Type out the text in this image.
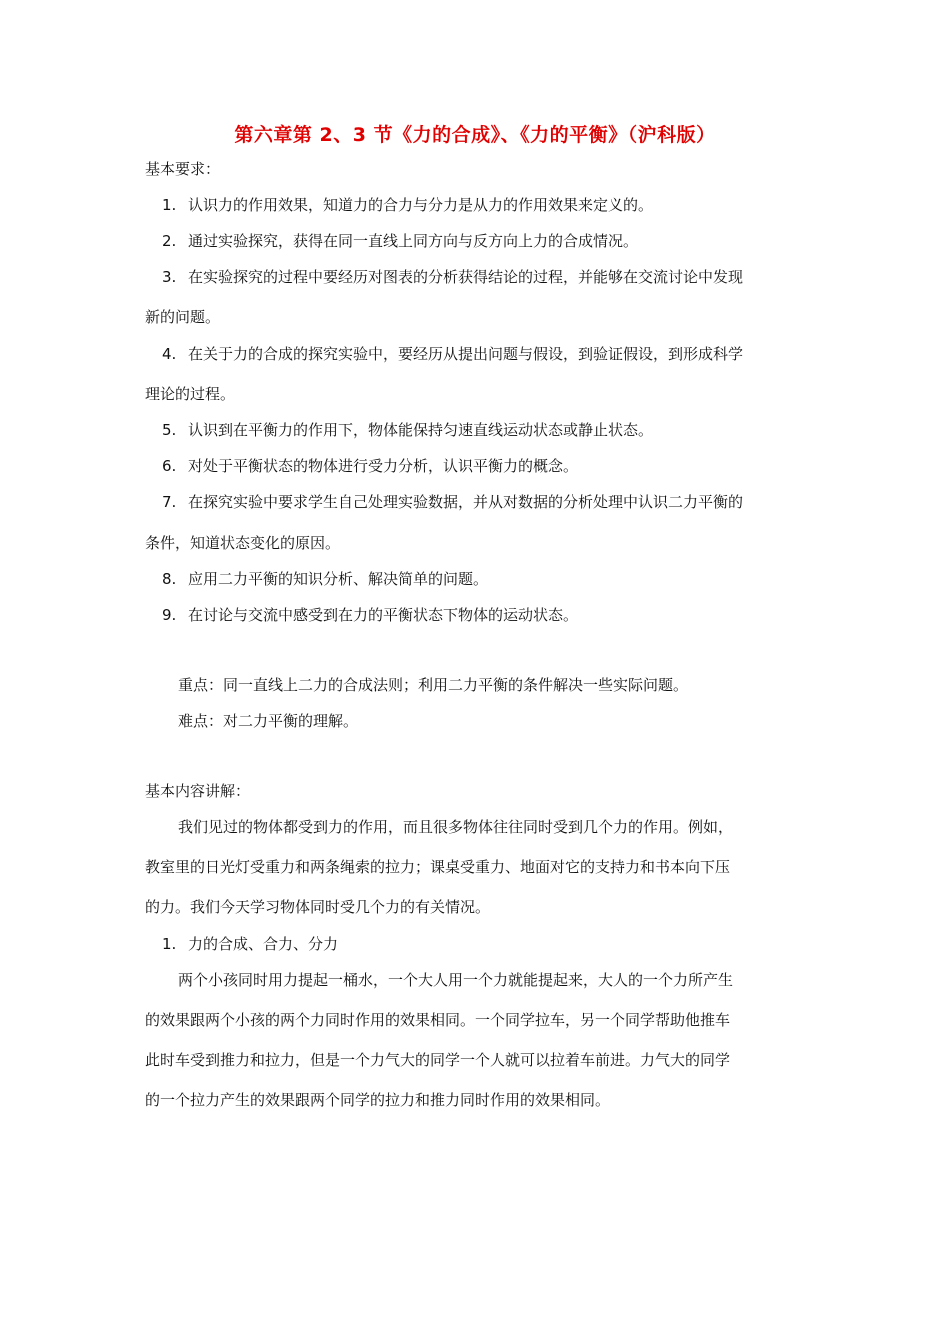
第六章第 2、3 节《力的合成》、《力的平衡》（沪科版）
基本要求：
1. 认识力的作用效果，知道力的合力与分力是从力的作用效果来定义的。
2. 通过实验探究，获得在同一直线上同方向与反方向上力的合成情况。
3. 在实验探究的过程中要经历对图表的分析获得结论的过程，并能够在交流讨论中发现
新的问题。
4. 在关于力的合成的探究实验中，要经历从提出问题与假设，到验证假设，到形成科学
理论的过程。
5. 认识到在平衡力的作用下，物体能保持匀速直线运动状态或静止状态。
6. 对处于平衡状态的物体进行受力分析，认识平衡力的概念。
7. 在探究实验中要求学生自己处理实验数据，并从对数据的分析处理中认识二力平衡的
条件，知道状态变化的原因。
8. 应用二力平衡的知识分析、解决简单的问题。
9. 在讨论与交流中感受到在力的平衡状态下物体的运动状态。
重点：同一直线上二力的合成法则；利用二力平衡的条件解决一些实际问题。
难点：对二力平衡的理解。
基本内容讲解：
我们见过的物体都受到力的作用，而且很多物体往往同时受到几个力的作用。例如，
教室里的日光灯受重力和两条绳索的拉力；课桌受重力、地面对它的支持力和书本向下压
的力。我们今天学习物体同时受几个力的有关情况。
1. 力的合成、合力、分力
两个小孩同时用力提起一桶水，一个大人用一个力就能提起来，大人的一个力所产生
的效果跟两个小孩的两个力同时作用的效果相同。一个同学拉车，另一个同学帮助他推车
此时车受到推力和拉力，但是一个力气大的同学一个人就可以拉着车前进。力气大的同学
的一个拉力产生的效果跟两个同学的拉力和推力同时作用的效果相同。
